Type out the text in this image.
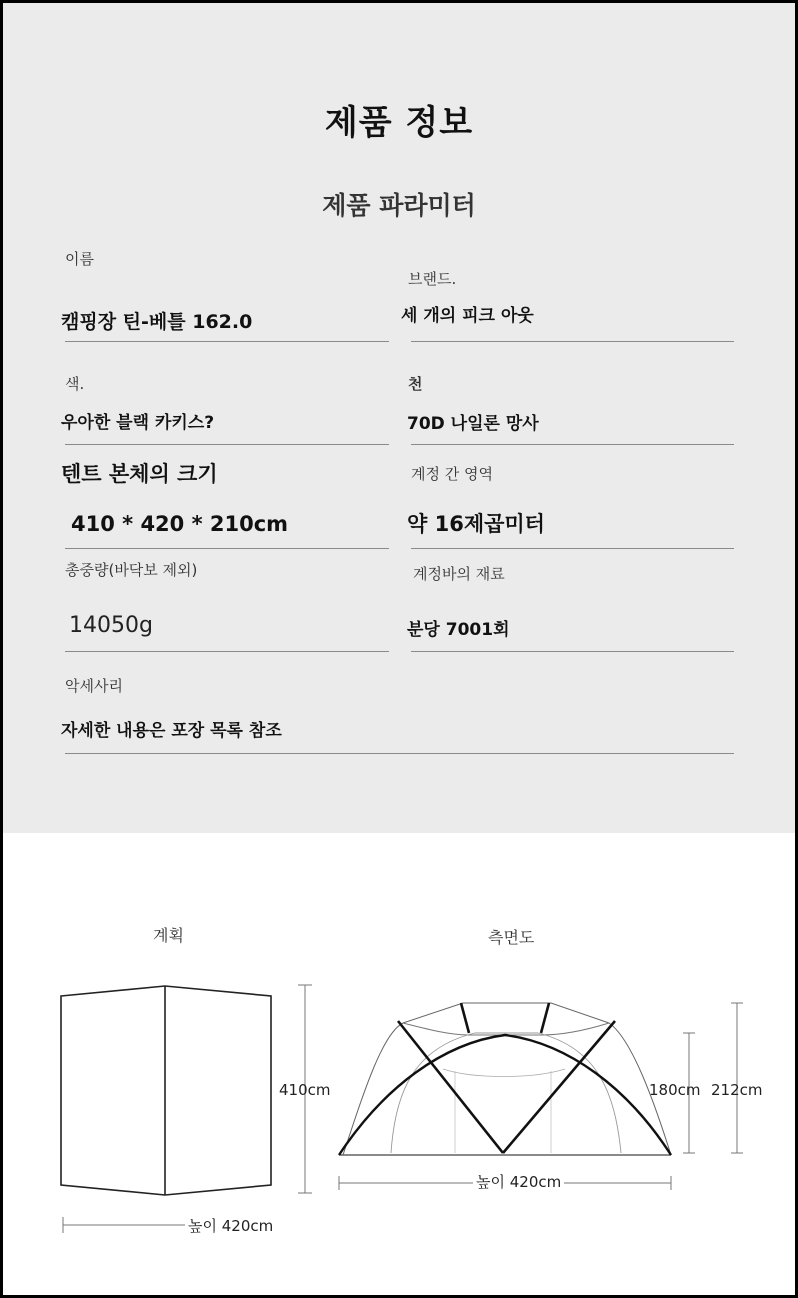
제품 정보
제품 파라미터
이름
캠핑장 틴-베틀 162.0
브랜드.
세 개의 피크 아웃
색.
우아한 블랙 카키스?
천
70D 나일론 망사
텐트 본체의 크기
410 * 420 * 210cm
계정 간 영역
약 16제곱미터
총중량(바닥보 제외)
14050g
계정바의 재료
분당 7001회
악세사리
자세한 내용은 포장 목록 참조
계획	측면도
410cm
높이 420cm
180cm 212cm
높이 420cm
